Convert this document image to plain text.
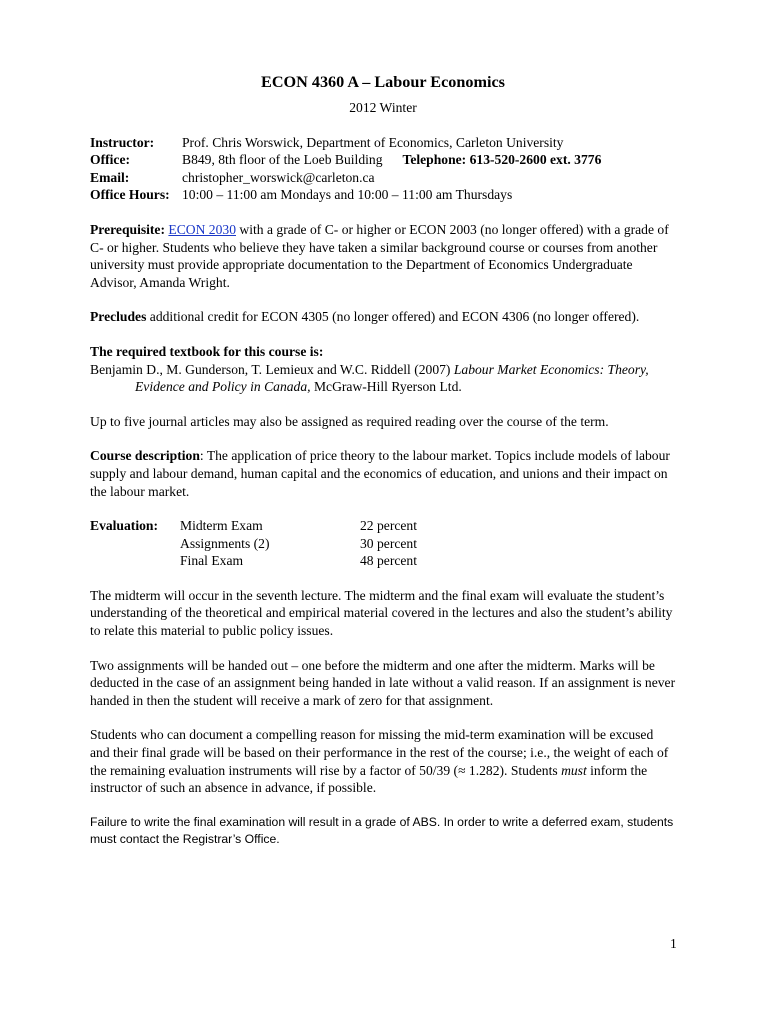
ECON 4360 A – Labour Economics

2012 Winter

Instructor:	Prof. Chris Worswick, Department of Economics, Carleton University
Office:	B849, 8th floor of the Loeb Building Telephone: 613-520-2600 ext. 3776
Email:	christopher_worswick@carleton.ca
Office Hours: 10:00 – 11:00 am Mondays and 10:00 – 11:00 am Thursdays

Prerequisite: ECON 2030 with a grade of C- or higher or ECON 2003 (no longer offered) with a grade of C- or higher. Students who believe they have taken a similar background course or courses from another university must provide appropriate documentation to the Department of Economics Undergraduate Advisor, Amanda Wright.

Precludes additional credit for ECON 4305 (no longer offered) and ECON 4306 (no longer offered).

The required textbook for this course is:

Benjamin D., M. Gunderson, T. Lemieux and W.C. Riddell (2007) Labour Market Economics: Theory, Evidence and Policy in Canada, McGraw-Hill Ryerson Ltd.

Up to five journal articles may also be assigned as required reading over the course of the term.

Course description: The application of price theory to the labour market. Topics include models of labour supply and labour demand, human capital and the economics of education, and unions and their impact on the labour market.

Evaluation:	Midterm Exam	22 percent
Assignments (2)	30 percent
Final Exam	48 percent

The midterm will occur in the seventh lecture. The midterm and the final exam will evaluate the student’s understanding of the theoretical and empirical material covered in the lectures and also the student’s ability to relate this material to public policy issues.

Two assignments will be handed out – one before the midterm and one after the midterm. Marks will be deducted in the case of an assignment being handed in late without a valid reason. If an assignment is never handed in then the student will receive a mark of zero for that assignment.

Students who can document a compelling reason for missing the mid-term examination will be excused and their final grade will be based on their performance in the rest of the course; i.e., the weight of each of the remaining evaluation instruments will rise by a factor of 50/39 (≈ 1.282). Students must inform the instructor of such an absence in advance, if possible.

Failure to write the final examination will result in a grade of ABS. In order to write a deferred exam, students must contact the Registrar’s Office.

1
